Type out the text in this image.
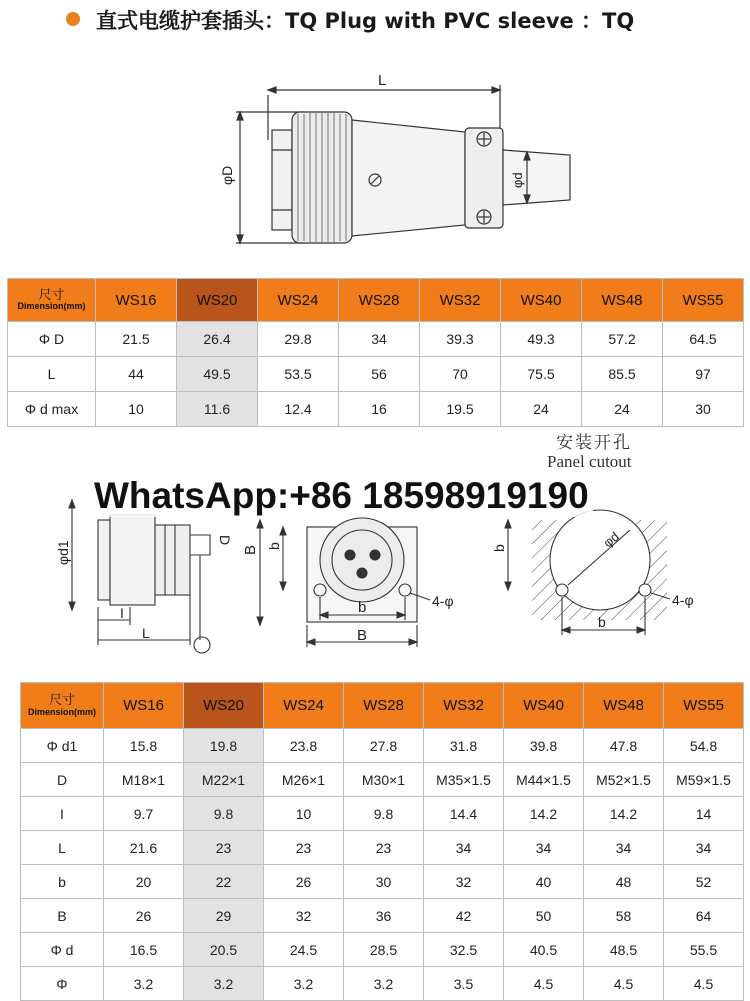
直式电缆护套插头：TQ Plug with PVC sleeve ：TQ
L
φD	φd
尺寸
Dimension(mm)	WS16	WS20	WS24	WS28	WS32	WS40	WS48	WS55
Φ D	21.5	26.4	29.8	34	39.3	49.3	57.2	64.5
L	44	49.5	53.5	56	70	75.5	85.5	97
Φ d max	10	11.6	12.4	16	19.5	24	24	30
安装开孔
Panel cutout
φd1
D
I
L
B b
b
B
4-φ
b	φd
b
4-φ
WhatsApp:+86 18598919190
尺寸
Dimension(mm)	WS16	WS20	WS24	WS28	WS32	WS40	WS48	WS55
Φ d1	15.8	19.8	23.8	27.8	31.8	39.8	47.8	54.8
D	M18×1	M22×1	M26×1	M30×1	M35×1.5	M44×1.5	M52×1.5	M59×1.5
I	9.7	9.8	10	9.8	14.4	14.2	14.2	14
L	21.6	23	23	23	34	34	34	34
b	20	22	26	30	32	40	48	52
B	26	29	32	36	42	50	58	64
Φ d	16.5	20.5	24.5	28.5	32.5	40.5	48.5	55.5
Φ	3.2	3.2	3.2	3.2	3.5	4.5	4.5	4.5
